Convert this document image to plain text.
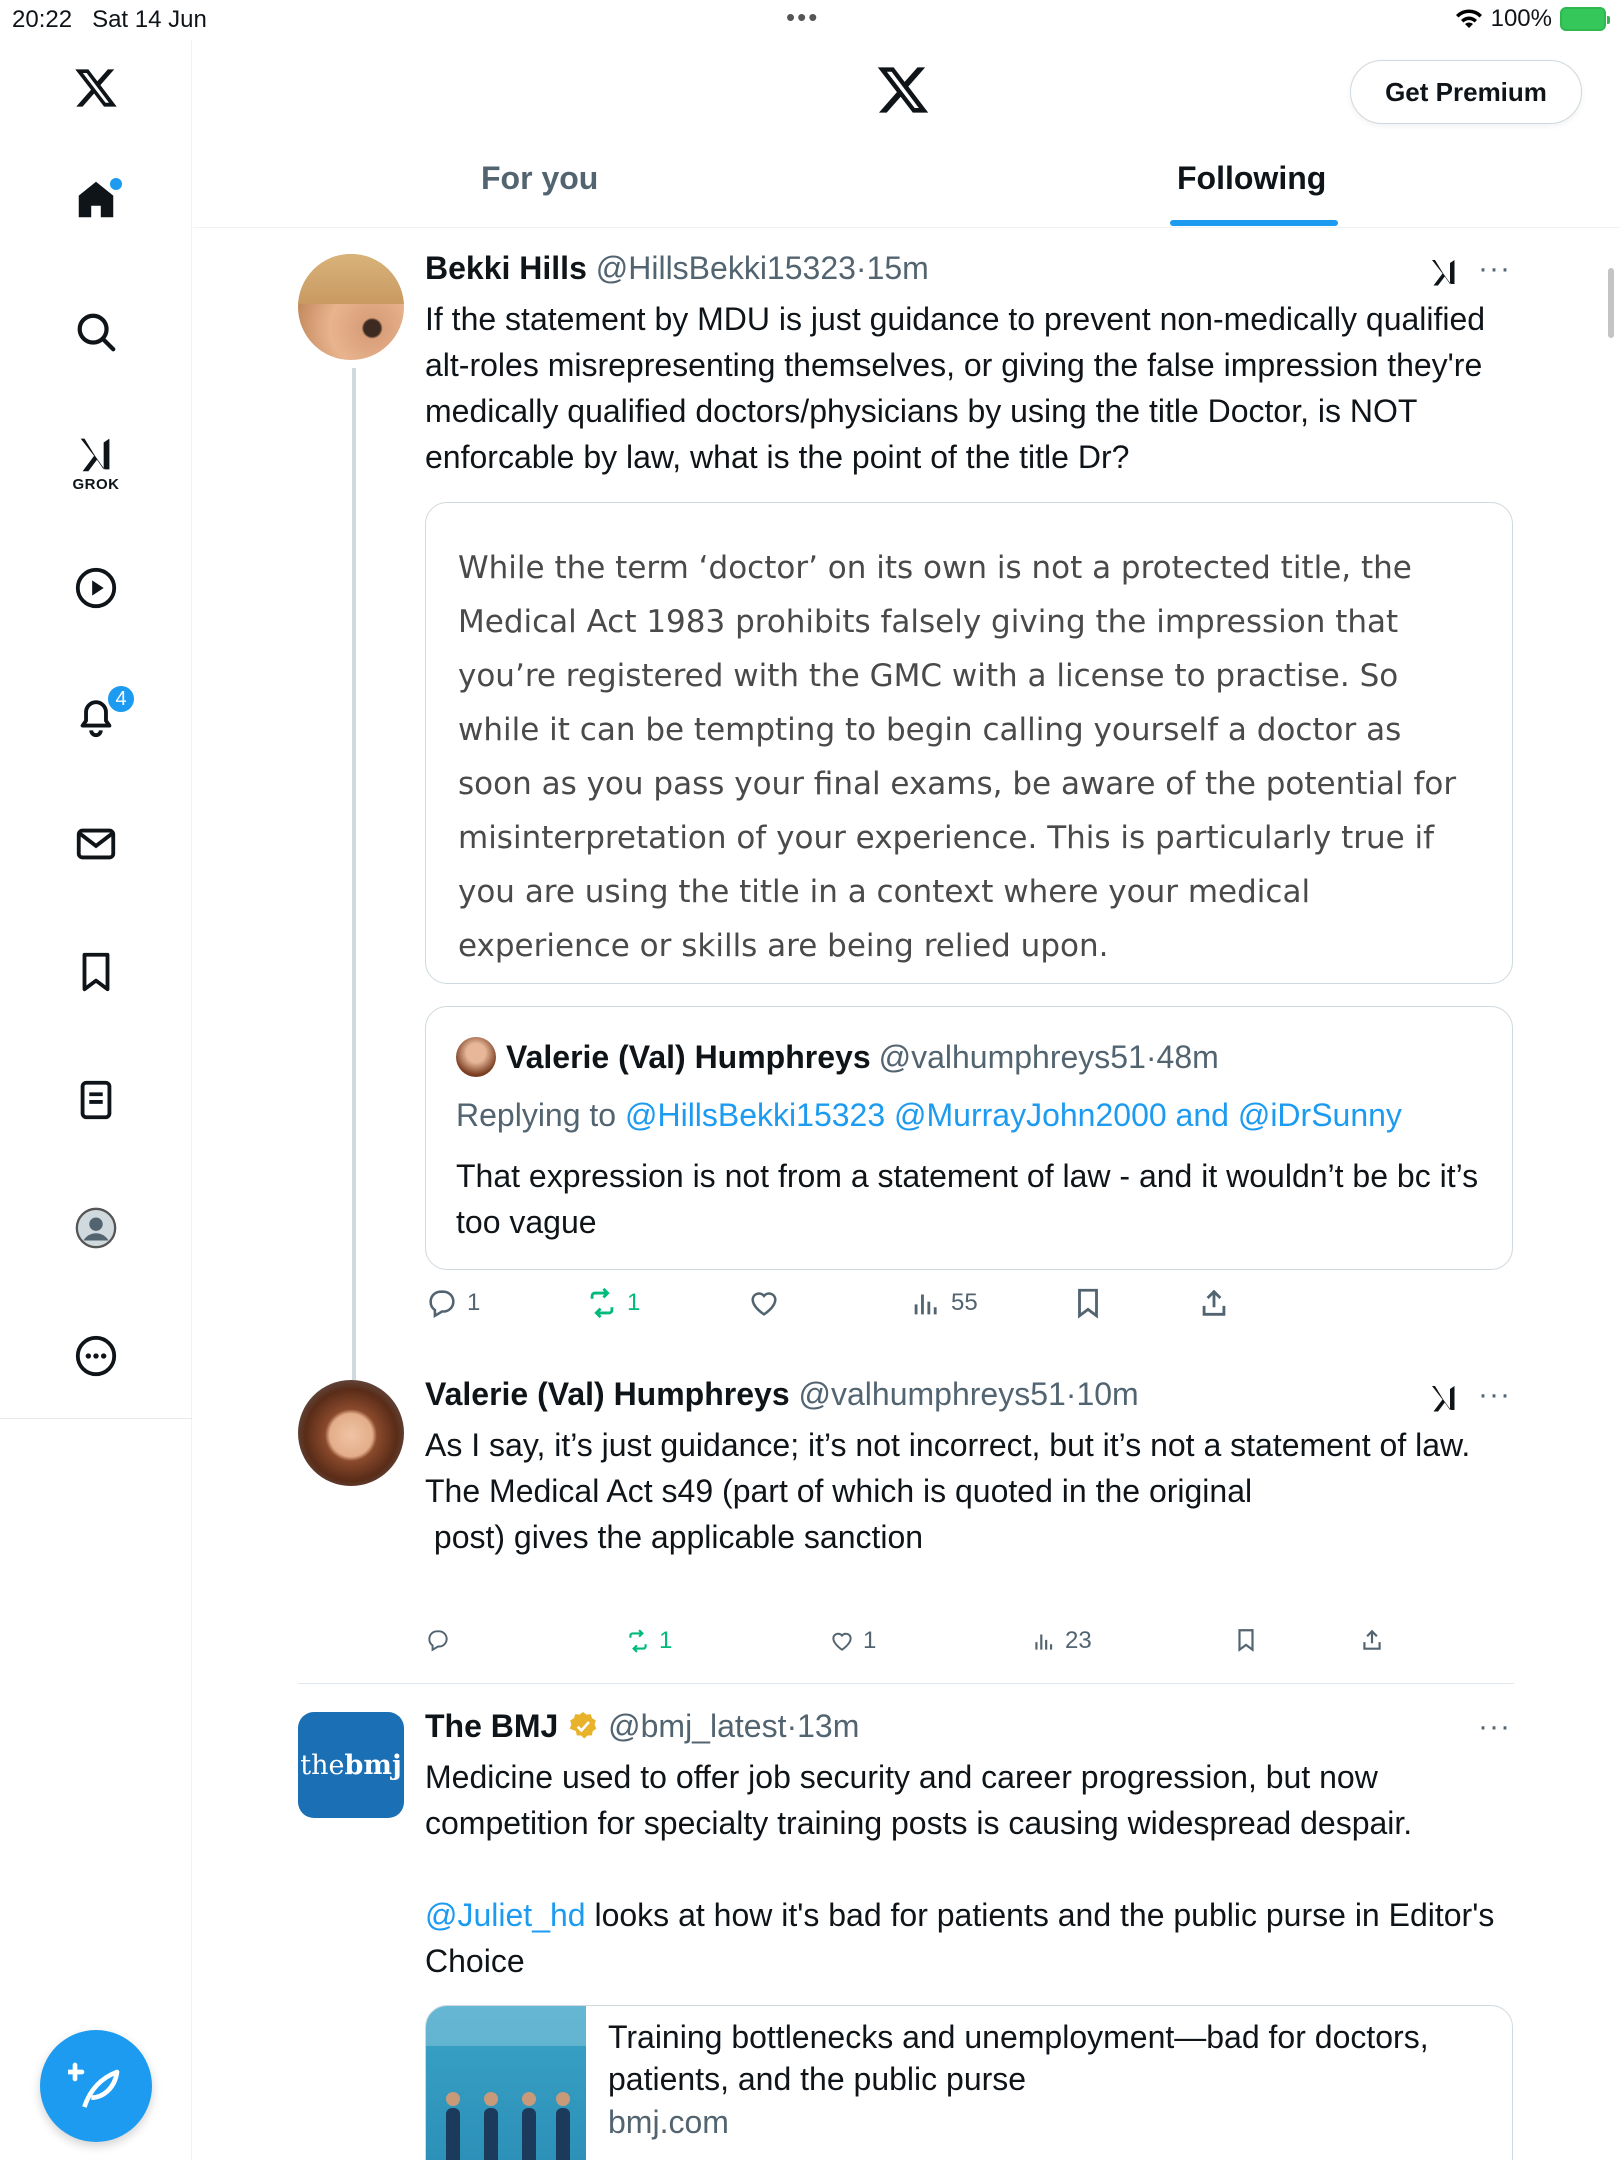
20:22 Sat 14 Jun	•••	100%
GROK
4
Get Premium
For you	Following
Bekki Hills @HillsBekki15323·15m	···
If the statement by MDU is just guidance to prevent non-medically qualified alt-roles misrepresenting themselves, or giving the false impression they're medically qualified doctors/physicians by using the title Doctor, is NOT enforcable by law, what is the point of the title Dr?
While the term ‘doctor’ on its own is not a protected title, the Medical Act 1983 prohibits falsely giving the impression that you’re registered with the GMC with a license to practise. So while it can be tempting to begin calling yourself a doctor as soon as you pass your final exams, be aware of the potential for misinterpretation of your experience. This is particularly true if you are using the title in a context where your medical experience or skills are being relied upon.
Valerie (Val) Humphreys @valhumphreys51·48m
Replying to @HillsBekki15323 @MurrayJohn2000 and @iDrSunny
That expression is not from a statement of law - and it wouldn’t be bc it’s too vague
1	1	55
Valerie (Val) Humphreys @valhumphreys51·10m	···
As I say, it’s just guidance; it’s not incorrect, but it’s not a statement of law.
The Medical Act s49 (part of which is quoted in the original
post) gives the applicable sanction
1	1	23
thebmj
The BMJ @bmj_latest·13m	···
Medicine used to offer job security and career progression, but now competition for specialty training posts is causing widespread despair.
@Juliet_hd looks at how it's bad for patients and the public purse in Editor's Choice
Training bottlenecks and unemployment—bad for doctors, patients, and the public purse
bmj.com
